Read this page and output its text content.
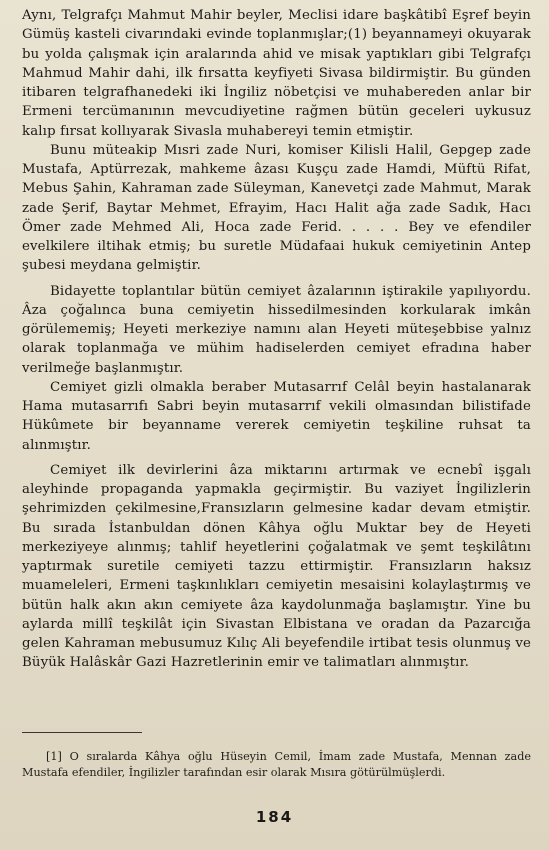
Aynı, Telgrafçı Mahmut Mahir beyler, Meclisi idare başkâtibî Eşref beyin Gümüş kasteli civarındaki evinde toplanmışlar;(1) beyannameyi okuyarak bu yolda çalışmak için aralarında ahid ve misak yaptıkları gibi Telgrafçı Mahmud Mahir dahi, ilk fırsatta keyfiyeti Sivasa bildirmiştir. Bu günden itibaren telgrafhanedeki iki İngiliz nöbetçisi ve muhabereden anlar bir Ermeni tercümanının mevcudiyetine rağmen bütün geceleri uykusuz kalıp fırsat kollıyarak Sivasla muhabereyi temin etmiştir.

Bunu müteakip Mısri zade Nuri, komiser Kilisli Halil, Gepgep zade Mustafa, Aptürrezak, mahkeme âzası Kuşçu zade Hamdi, Müftü Rifat, Mebus Şahin, Kahraman zade Süleyman, Kanevetçi zade Mahmut, Marak zade Şerif, Baytar Mehmet, Efrayim, Hacı Halit ağa zade Sadık, Hacı Ömer zade Mehmed Ali, Hoca zade Ferid. . . . . Bey ve efendiler evelkilere iltihak etmiş; bu suretle Müdafaai hukuk cemiyetinin Antep şubesi meydana gelmiştir.

Bidayette toplantılar bütün cemiyet âzalarının iştirakile yapılıyordu. Âza çoğalınca buna cemiyetin hissedilmesinden korkularak imkân görülememiş; Heyeti merkeziye namını alan Heyeti müteşebbise yalnız olarak toplanmağa ve mühim hadiselerden cemiyet efradına haber verilmeğe başlanmıştır.

Cemiyet gizli olmakla beraber Mutasarrıf Celâl beyin hastalanarak Hama mutasarrıfı Sabri beyin mutasarrıf vekili olmasından bilistifade Hükûmete bir beyanname vererek cemiyetin teşkiline ruhsat ta alınmıştır.

Cemiyet ilk devirlerini âza miktarını artırmak ve ecnebî işgalı aleyhinde propaganda yapmakla geçirmiştir. Bu vaziyet İngilizlerin şehrimizden çekilmesine,Fransızların gelmesine kadar devam etmiştir. Bu sırada İstanbuldan dönen Kâhya oğlu Muktar bey de Heyeti merkeziyeye alınmış; tahlif heyetlerini çoğalatmak ve şemt teşkilâtını yaptırmak suretile cemiyeti tazzu ettirmiştir. Fransızların haksız muameleleri, Ermeni taşkınlıkları cemiyetin mesaisini kolaylaştırmış ve bütün halk akın akın cemiyete âza kaydolunmağa başlamıştır. Yine bu aylarda millî teşkilât için Sivastan Elbistana ve oradan da Pazarcığa gelen Kahraman mebusumuz Kılıç Ali beyefendile irtibat tesis olunmuş ve Büyük Halâskâr Gazi Hazretlerinin emir ve talimatları alınmıştır.

[1] O sıralarda Kâhya oğlu Hüseyin Cemil, İmam zade Mustafa, Mennan zade Mustafa efendiler, İngilizler tarafından esir olarak Mısıra götürülmüşlerdi.

184
